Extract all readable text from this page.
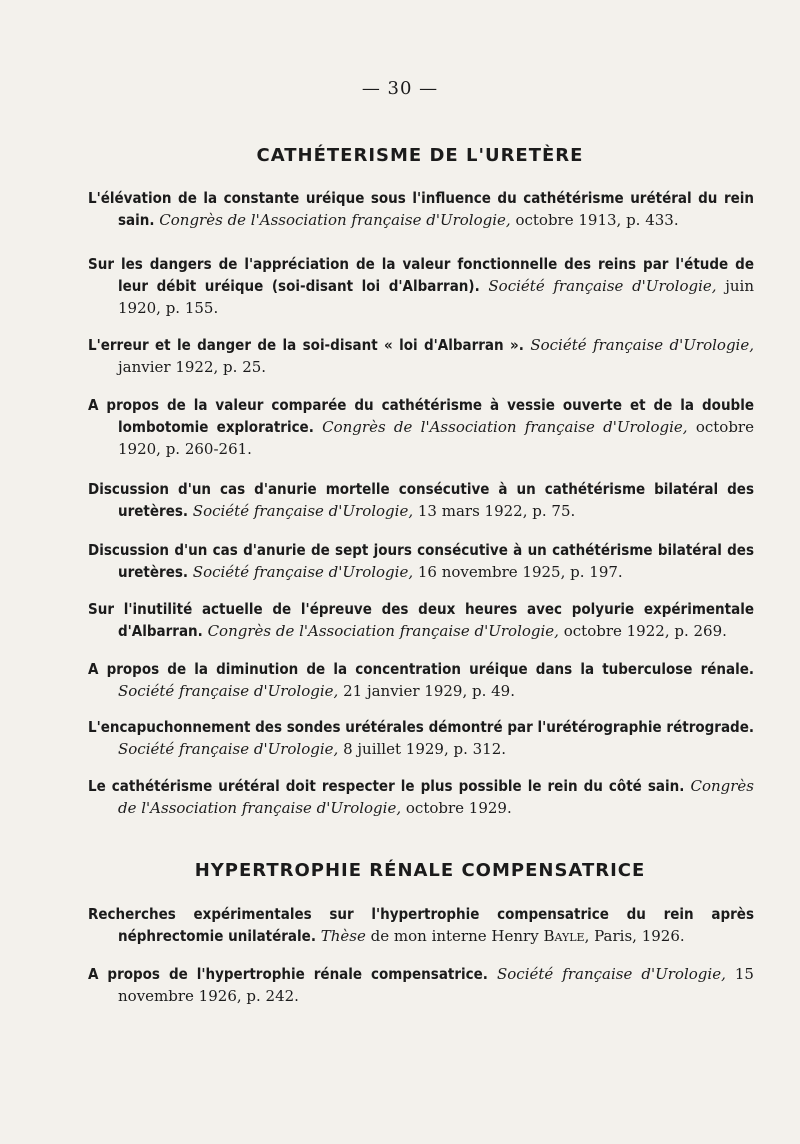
— 30 —
CATHÉTERISME DE L'URETÈRE
L'élévation de la constante uréique sous l'influence du cathétérisme urétéral du rein sain. Congrès de l'Association française d'Urologie, octobre 1913, p. 433.
Sur les dangers de l'appréciation de la valeur fonctionnelle des reins par l'étude de leur débit uréique (soi-disant loi d'Albarran). Société française d'Urologie, juin 1920, p. 155.
L'erreur et le danger de la soi-disant « loi d'Albarran ». Société française d'Urologie, janvier 1922, p. 25.
A propos de la valeur comparée du cathétérisme à vessie ouverte et de la double lombotomie exploratrice. Congrès de l'Association française d'Urologie, octobre 1920, p. 260-261.
Discussion d'un cas d'anurie mortelle consécutive à un cathétérisme bilatéral des uretères. Société française d'Urologie, 13 mars 1922, p. 75.
Discussion d'un cas d'anurie de sept jours consécutive à un cathétérisme bilatéral des uretères. Société française d'Urologie, 16 novembre 1925, p. 197.
Sur l'inutilité actuelle de l'épreuve des deux heures avec polyurie expérimentale d'Albarran. Congrès de l'Association française d'Urologie, octobre 1922, p. 269.
A propos de la diminution de la concentration uréique dans la tuberculose rénale. Société française d'Urologie, 21 janvier 1929, p. 49.
L'encapuchonnement des sondes urétérales démontré par l'urétérographie rétrograde. Société française d'Urologie, 8 juillet 1929, p. 312.
Le cathétérisme urétéral doit respecter le plus possible le rein du côté sain. Congrès de l'Association française d'Urologie, octobre 1929.
HYPERTROPHIE RÉNALE COMPENSATRICE
Recherches expérimentales sur l'hypertrophie compensatrice du rein après néphrectomie unilatérale. Thèse de mon interne Henry Bayle, Paris, 1926.
A propos de l'hypertrophie rénale compensatrice. Société française d'Urologie, 15 novembre 1926, p. 242.
